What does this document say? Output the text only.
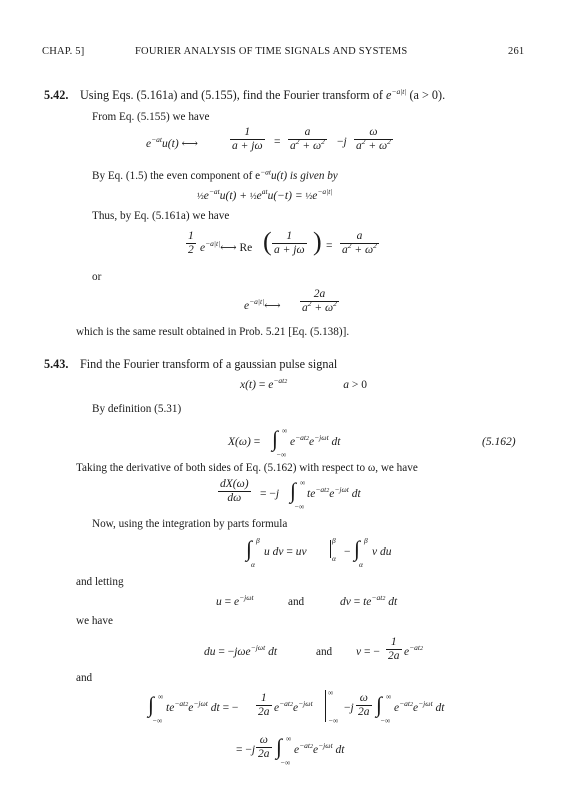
CHAP. 5]	FOURIER ANALYSIS OF TIME SIGNALS AND SYSTEMS	261
5.42. Using Eqs. (5.161a) and (5.155), find the Fourier transform of $e^{-a|t|}$ (a > 0).
From Eq. (5.155) we have
$e^{-at}u(t)$ ⟷
1
a + jω =
a
$a^2 + \omega^2 -j$
ω
$a^2 + \omega^2$
By Eq. (1.5) the even component of $e^{-at}u(t)$ is given by
$\frac{1}{2}e^{-at}u(t)$ + $\frac{1}{2}e^{at}u(-t)$ = $\frac{1}{2}e^{-a|t|}$
Thus, by Eq. (5.161a) we have
1
2 $e^{-a|t|}⟷$ Re ( 1
a + jω ) =
a
$a^2 + \omega^2$
or
$e^{-a|t|}⟷$
2a
$a^2 + \omega^2$
which is the same result obtained in Prob. 5.21 [Eq. (5.138)].
5.43. Find the Fourier transform of a gaussian pulse signal
$x(t) = e^{-at2}$	a > 0
By definition (5.31)
X(ω) = ∫ ∞
−∞
$e^{-at2}e^{-j\omega t}$ dt	(5.162)
Taking the derivative of both sides of Eq. (5.162) with respect to ω, we have
dX(ω)
dω = −j ∫ ∞
−∞
$te^{-at2}e^{-j\omega t}$ dt
Now, using the integration by parts formula
∫ β
α
u dv = uv
β
α
− ∫ β
α
v du
and letting
$u = e^{-j\omega t}$	and	dv = $te^{-at2}$ dt
we have
du = −jωe$^{-j\omega t}$ dt	and v = −
1
2a $e^{-at2}$
and
∫ ∞
−∞
$te^{-at2}e^{-j\omega t}$ dt = −
1
2a $e^{-at2}e^{-j\omega t}$
∞
−∞
−j
ω
2a ∫ ∞
−∞
$e^{-at2}e^{-j\omega t}$ dt
= −j
ω
2a ∫ ∞
−∞
$e^{-at2}e^{-j\omega t}$ dt
